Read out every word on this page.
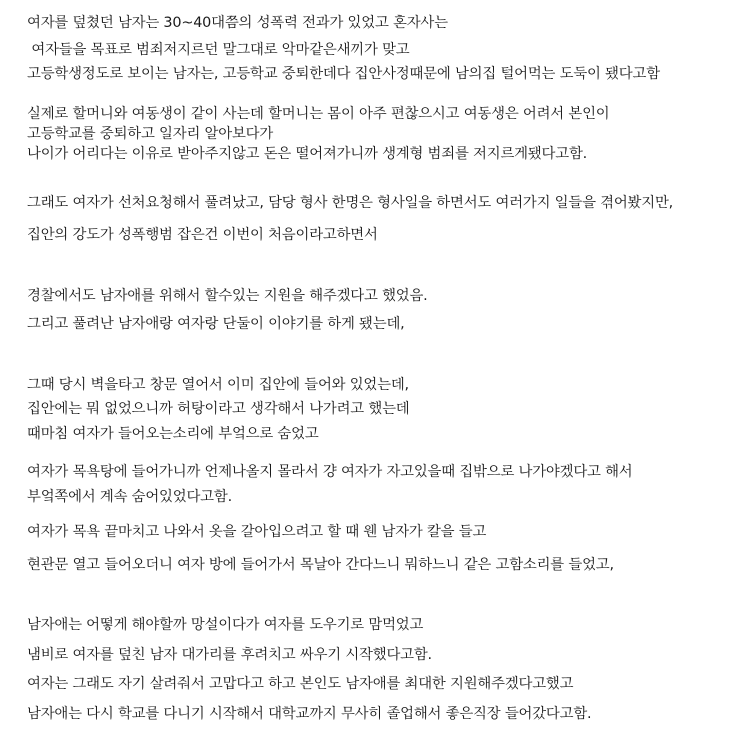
여자를 덮쳤던 남자는 30~40대쯤의 성폭력 전과가 있었고 혼자사는
여자들을 목표로 범죄저지르던 말그대로 악마같은새끼가 맞고
고등학생정도로 보이는 남자는, 고등학교 중퇴한데다 집안사정때문에 남의집 털어먹는 도둑이 됐다고함
실제로 할머니와 여동생이 같이 사는데 할머니는 몸이 아주 편찮으시고 여동생은 어려서 본인이
고등학교를 중퇴하고 일자리 알아보다가
나이가 어리다는 이유로 받아주지않고 돈은 떨어져가니까 생계형 범죄를 저지르게됐다고함.
그래도 여자가 선처요청해서 풀려났고, 담당 형사 한명은 형사일을 하면서도 여러가지 일들을 겪어봤지만,
집안의 강도가 성폭행범 잡은건 이번이 처음이라고하면서
경찰에서도 남자애를 위해서 할수있는 지원을 해주겠다고 했었음.
그리고 풀려난 남자애랑 여자랑 단둘이 이야기를 하게 됐는데,
그때 당시 벽을타고 창문 열어서 이미 집안에 들어와 있었는데,
집안에는 뭐 없었으니까 허탕이라고 생각해서 나가려고 했는데
때마침 여자가 들어오는소리에 부엌으로 숨었고
여자가 목욕탕에 들어가니까 언제나올지 몰라서 걍 여자가 자고있을때 집밖으로 나가야겠다고 해서
부엌쪽에서 계속 숨어있었다고함.
여자가 목욕 끝마치고 나와서 옷을 갈아입으려고 할 때 웬 남자가 칼을 들고
현관문 열고 들어오더니 여자 방에 들어가서 목날아 간다느니 뭐하느니 같은 고함소리를 들었고,
남자애는 어떻게 해야할까 망설이다가 여자를 도우기로 맘먹었고
냄비로 여자를 덮친 남자 대가리를 후려치고 싸우기 시작했다고함.
여자는 그래도 자기 살려줘서 고맙다고 하고 본인도 남자애를 최대한 지원해주겠다고했고
남자애는 다시 학교를 다니기 시작해서 대학교까지 무사히 졸업해서 좋은직장 들어갔다고함.
